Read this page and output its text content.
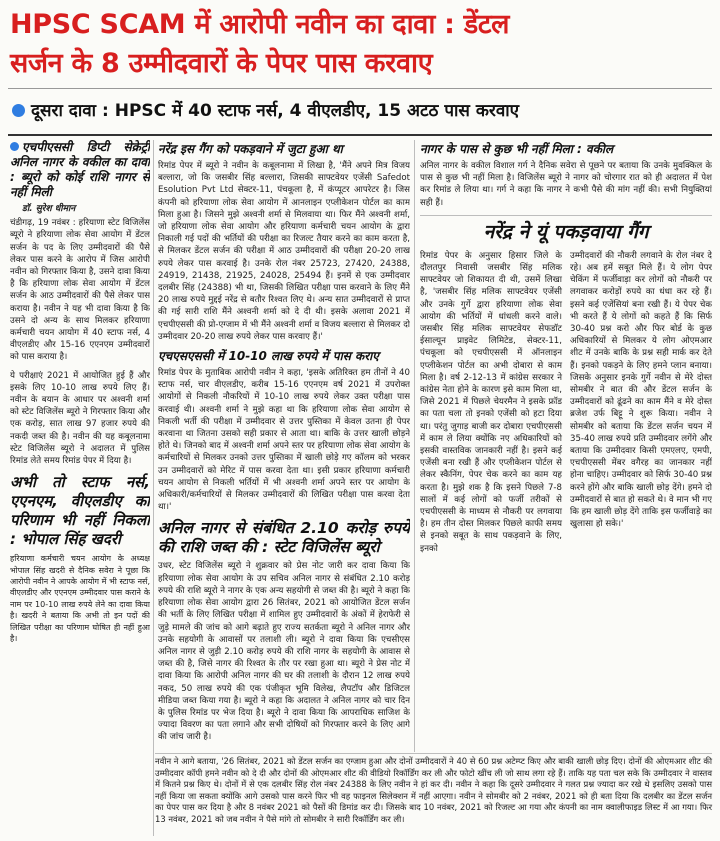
HPSC SCAM में आरोपी नवीन का दावा : डेंटल
सर्जन के 8 उम्मीदवारों के पेपर पास करवाए
दूसरा दावा : HPSC में 40 स्टाफ नर्स, 4 वीएलडीए, 15 अटठ पास करवाए
एचपीएससी डिप्टी सेक्रेट्री अनिल नागर के वकील का दावा : ब्यूरो को कोई राशि नागर से नहीं मिली
डॉ. सुरेश धीमान
चंडीगढ़, 19 नवंबर : हरियाणा स्टेट विजिलेंस ब्यूरो ने हरियाणा लोक सेवा आयोग में डेंटल सर्जन के पद के लिए उम्मीदवारों की पैसे लेकर पास करने के आरोप में जिस आरोपी नवीन को गिरफ्तार किया है, उसने दावा किया है कि हरियाणा लोक सेवा आयोग में डेंटल सर्जन के आठ उम्मीदवारों की पैसे लेकर पास कराया है। नवीन ने यह भी दावा किया है कि उसने दो अन्य के साथ मिलकर हरियाणा कर्मचारी चयन आयोग में 40 स्टाफ नर्स, 4 वीएलडीए और 15-16 एएनएम उम्मीदवारों को पास कराया है।
ये परीक्षाएं 2021 में आयोजित हुई हैं और इसके लिए 10-10 लाख रुपये लिए हैं। नवीन के बयान के आधार पर अश्वनी शर्मा को स्टेट विजिलेंस ब्यूरो ने गिरफ्तार किया और एक करोड़, सात लाख 97 हजार रुपये की नकदी जब्त की है। नवीन की यह कबूलनामा स्टेट विजिलेंस ब्यूरो ने अदालत में पुलिस रिमांड लेते समय रिमांड पेपर में दिया है।
अभी तो स्टाफ नर्स, एएनएम, वीएलडीए का परिणाम भी नहीं निकला : भोपाल सिंह खदरी
हरियाणा कर्मचारी चयन आयोग के अध्यक्ष भोपाल सिंह खदरी से दैनिक सवेरा ने पूछा कि आरोपी नवीन ने आपके आयोग में भी स्टाफ नर्स, वीएलडीए और एएनएम उम्मीदवार पास कराने के नाम पर 10-10 लाख रुपये लेने का दावा किया है। खदरी ने बताया कि अभी तो इन पदों की लिखित परीक्षा का परिणाम घोषित ही नहीं हुआ है।
नरेंद्र इस गैंग को पकड़वाने में जुटा हुआ था
रिमांड पेपर में ब्यूरो ने नवीन के कबूलनामा में लिखा है, 'मैंने अपने मित्र विजय बल्लारा, जो कि जसबीर सिंह बल्लारा, जिसकी साफ्टवेयर एजेंसी Safedot Esolution Pvt Ltd सेक्टर-11, पंचकूला है, में कंप्यूटर आपरेटर है। जिस कंपनी को हरियाणा लोक सेवा आयोग में आनलाइन एप्लीकेशन पोर्टल का काम मिला हुआ है। जिसने मुझे अश्वनी शर्मा से मिलवाया था। फिर मैंने अश्वनी शर्मा, जो हरियाणा लोक सेवा आयोग और हरियाणा कर्मचारी चयन आयोग के द्वारा निकाली गई पदों की भर्तियों की परीक्षा का रिजल्ट तैयार करने का काम करता है, से मिलकर डेंटल सर्जन की परीक्षा में आठ उम्मीदवारों की परीक्षा 20-20 लाख रुपये लेकर पास करवाई है। उनके रोल नंबर 25723, 27420, 24388, 24919, 21438, 21925, 24028, 25494 हैं। इनमें से एक उम्मीदवार दलबीर सिंह (24388) भी था, जिसकी लिखित परीक्षा पास करवाने के लिए मैंने 20 लाख रुपये मुद्दई नरेंद्र से बतौर रिश्वत लिए थे। अन्य सात उम्मीदवारों से प्राप्त की गई सारी राशि मैंने अश्वनी शर्मा को दे दी थी। इसके अलावा 2021 में एचपीएससी की प्रो-एग्जाम में भी मैंने अश्वनी शर्मा व विजय बल्लारा से मिलकर दो उम्मीदवार 20-20 लाख रुपये लेकर पास करवाए हैं।'
एचएसएससी में 10-10 लाख रुपये में पास कराए
रिमांड पेपर के मुताबिक आरोपी नवीन ने कहा, 'इसके अतिरिक्त हम तीनों ने 40 स्टाफ नर्स, चार वीएलडीए, करीब 15-16 एएनएम वर्ष 2021 में उपरोक्त आयोगों से निकली नौकरियों में 10-10 लाख रुपये लेकर उक्त परीक्षा पास करवाई थी। अश्वनी शर्मा ने मुझे कहा था कि हरियाणा लोक सेवा आयोग से निकली भर्ती की परीक्षा में उम्मीदवार से उत्तर पुस्तिका में केवल उतना ही पेपर करवाना था जितना उसको सही प्रकार से आता था। बाकि के उत्तर खाली छोड़ने होते थे। जिनको बाद में अश्वनी शर्मा अपने स्तर पर हरियाणा लोक सेवा आयोग के कर्मचारियों से मिलकर उनको उत्तर पुस्तिका में खाली छोड़े गए कॉलम को भरकर उन उम्मीदवारों को मेरिट में पास करवा देता था। इसी प्रकार हरियाणा कर्मचारी चयन आयोग से निकली भर्तियों में भी अश्वनी शर्मा अपने स्तर पर आयोग के अधिकारी/कर्मचारियों से मिलकर उम्मीदवारों की लिखित परीक्षा पास करवा देता था।'
अनिल नागर से संबंधित 2.10 करोड़ रुपये की राशि जब्त की : स्टेट विजिलेंस ब्यूरो
उधर, स्टेट विजिलेंस ब्यूरो ने शुक्रवार को प्रेस नोट जारी कर दावा किया कि हरियाणा लोक सेवा आयोग के उप सचिव अनिल नागर से संबंधित 2.10 करोड़ रुपये की राशि ब्यूरो ने नागर के एक अन्य सहयोगी से जब्त की है। ब्यूरो ने कहा कि हरियाणा लोक सेवा आयोग द्वारा 26 सितंबर, 2021 को आयोजित डेंटल सर्जन की भर्ती के लिए लिखित परीक्षा में शामिल हुए उम्मीदवारों के अंकों में हेराफेरी से जुड़े मामले की जांच को आगे बढ़ाते हुए राज्य सतर्कता ब्यूरो ने अनिल नागर और उनके सहयोगी के आवासों पर तलाशी ली। ब्यूरो ने दावा किया कि एचसीएस अनिल नागर से जुड़ी 2.10 करोड़ रुपये की राशि नागर के सहयोगी के आवास से जब्त की है, जिसे नागर की रिश्वत के तौर पर रखा हुआ था। ब्यूरो ने प्रेस नोट में दावा किया कि आरोपी अनिल नागर की घर की तलाशी के दौरान 12 लाख रुपये नकद, 50 लाख रुपये की एक पंजीकृत भूमि विलेख, लैपटॉप और डिजिटल मीडिया जब्त किया गया है। ब्यूरो ने कहा कि अदालत ने अनिल नागर को चार दिन के पुलिस रिमांड पर भेज दिया है। ब्यूरो ने दावा किया कि आपराधिक साजिश के ज्यादा विवरण का पता लगाने और सभी दोषियों को गिरफ्तार करने के लिए आगे की जांच जारी है।
नागर के पास से कुछ भी नहीं मिला : वकील
अनिल नागर के वकील विशाल गर्ग ने दैनिक सवेरा से पूछने पर बताया कि उनके मुवक्किल के पास से कुछ भी नहीं मिला है। विजिलेंस ब्यूरो ने नागर को चोरगार रात को ही अदालत में पेश कर रिमांड ले लिया था। गर्ग ने कहा कि नागर ने कभी पैसे की मांग नहीं की। सभी नियुक्तियां सही हैं।
नरेंद्र ने यूं पकड़वाया गैंग
रिमांड पेपर के अनुसार हिसार जिले के दौलतपुर निवासी जसबीर सिंह मलिक साफ्टवेयर जो शिकायत दी थी, उसमें लिखा है, 'जसबीर सिंह मलिक साफ्टवेयर एजेंसी और उनके गुर्गे द्वारा हरियाणा लोक सेवा आयोग की भर्तियों में धांधली करने वाले। जसबीर सिंह मलिक साफ्टवेयर सेफडॉट ईसाल्यून प्राइवेट लिमिटेड, सेक्टर-11, पंचकूला को एचपीएससी में ऑनलाइन एप्लीकेशन पोर्टल का अभी दोबारा से काम मिला है। वर्ष 2-12-13 में कांग्रेस सरकार ने कांग्रेस नेता होने के कारण इसे काम मिला था, जिसे 2021 में पिछले चेयरमैन ने इसके फ्रॉड का पता चला तो इनको एजेंसी को हटा दिया था। परंतु जुगाड़ बाजी कर दोबारा एचपीएससी में काम ले लिया क्योंकि नए अधिकारियों को इसकी वास्तविक जानकारी नहीं है। इसने कई एजेंसी बना रखी हैं और एप्लीकेशन पोर्टल से लेकर स्कैनिंग, पेपर चेक करने का काम यह करता है। मुझे शक है कि इसने पिछले 7-8 सालों में कई लोगों को फर्जी तरीकों से एचपीएससी के माध्यम से नौकरी पर लगवाया है। हम तीन दोस्त मिलकर पिछले काफी समय से इनको सबूत के साथ पकड़वाने के लिए, इनको
उम्मीदवारों की नौकरी लगवाने के रोल नंबर दे रहे। अब हमें सबूत मिले हैं। ये लोग पेपर चेकिंग में फर्जीवाड़ा कर लोगों को नौकरी पर लगवाकर करोड़ों रुपये का धंधा कर रहे हैं। इसने कई एजेंसियां बना रखी हैं। ये पेपर चेक भी करते हैं ये लोगों को कहते हैं कि सिर्फ 30-40 प्रश्न करो और फिर बोर्ड के कुछ अधिकारियों से मिलकर ये लोग ओएमआर शीट में उनके बाकि के प्रश्न सही मार्क कर देते हैं। इनको पकड़ने के लिए हमने प्लान बनाया। जिसके अनुसार इनके गुर्गे नवीन से मेरे दोस्त सोमबीर ने बात की और डेंटल सर्जन के उम्मीदवारों को ढूंढने का काम मैंने व मेरे दोस्त ब्रजेश उर्फ बिट्टू ने शुरू किया। नवीन ने सोमबीर को बताया कि डेंटल सर्जन चयन में 35-40 लाख रुपये प्रति उम्मीदवार लगेंगे और बताया कि उम्मीदवार किसी एमएलए, एमपी, एचपीएससी मेंबर वगैरह का जानकार नहीं होना चाहिए। उम्मीदवार को सिर्फ 30-40 प्रश्न करने होंगे और बाकि खाली छोड़ देंगे। हमने दो उम्मीदवारों से बात हो सकते थे। वे मान भी गए कि हम खाली छोड़ देंगे ताकि इस फर्जीवाड़े का खुलासा हो सके।'
नवीन ने आगे बताया, '26 सितंबर, 2021 को डेंटल सर्जन का एग्जाम हुआ और दोनों उम्मीदवारों ने 40 से 60 प्रश्न अटेम्प्ट किए और बाकी खाली छोड़ दिए। दोनों की ओएमआर शीट की उम्मीदवार कॉपी हमने नवीन को दे दी और दोनों की ओएमआर शीट की वीडियो रिकॉर्डिंग कर ली और फोटो खींच ली जो साथ लगा रहे हैं। ताकि यह पता चल सके कि उम्मीदवार ने वास्तव में कितने प्रश्न किए थे। दोनों में से एक दलबीर सिंह रोल नंबर 24388 के लिए नवीन ने हां कर दी। नवीन ने कहा कि दूसरे उम्मीदवार ने गलत प्रश्न ज्यादा कर रखे थे इसलिए उसको पास नहीं किया जा सकता क्योंकि आगे उसको पास करने फिर भी वह फाइनल सिलेक्शन में नहीं आएगा। नवीन ने सोमबीर को 2 नवंबर, 2021 को ही बता दिया कि दलबीर का डेंटल सर्जन का पेपर पास कर दिया है और 8 नवंबर 2021 को पैसों की डिमांड कर दी। जिसके बाद 10 नवंबर, 2021 को रिजल्ट आ गया और कंपनी का नाम क्वालीफाइड लिस्ट में आ गया। फिर 13 नवंबर, 2021 को जब नवीन ने पैसे मांगे तो सोमबीर ने सारी रिकॉर्डिंग कर ली।
